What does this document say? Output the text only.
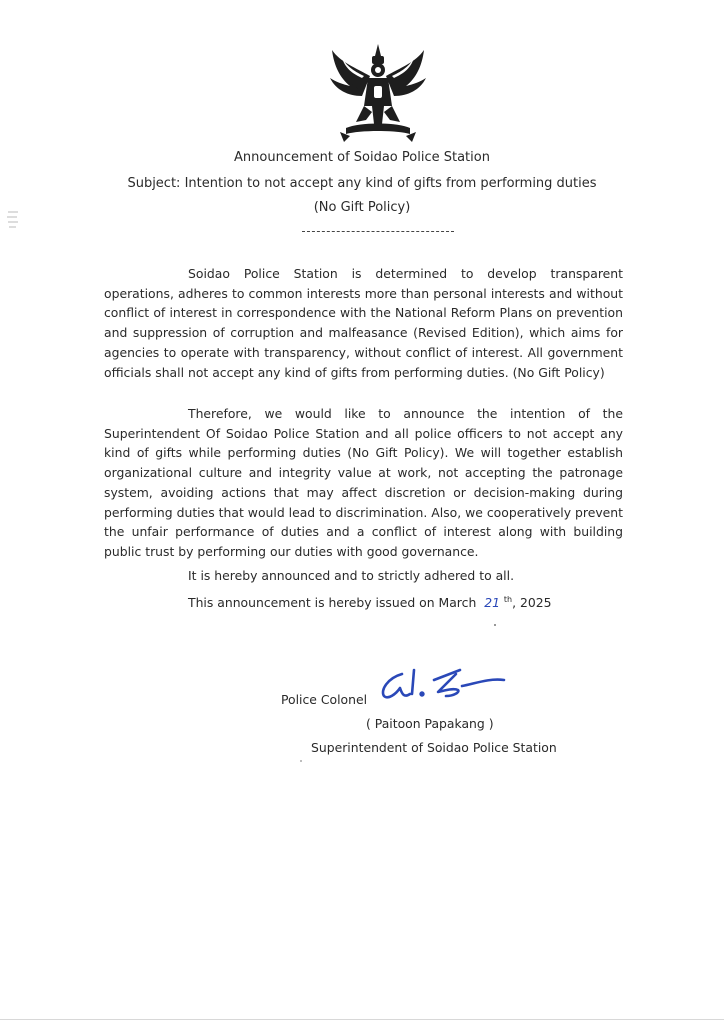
Announcement of Soidao Police Station
Subject: Intention to not accept any kind of gifts from performing duties
(No Gift Policy)

Soidao Police Station is determined to develop transparent operations, adheres to common interests more than personal interests and without conflict of interest in correspondence with the National Reform Plans on prevention and suppression of corruption and malfeasance (Revised Edition), which aims for agencies to operate with transparency, without conflict of interest. All government officials shall not accept any kind of gifts from performing duties. (No Gift Policy)

Therefore, we would like to announce the intention of the Superintendent Of Soidao Police Station and all police officers to not accept any kind of gifts while performing duties (No Gift Policy). We will together establish organizational culture and integrity value at work, not accepting the patronage system, avoiding actions that may affect discretion or decision-making during performing duties that would lead to discrimination. Also, we cooperatively prevent the unfair performance of duties and a conflict of interest along with building public trust by performing our duties with good governance.

It is hereby announced and to strictly adhered to all.
This announcement is hereby issued on March 21 $^{th}$, 2025
Police Colonel
( Paitoon Papakang )
Superintendent of Soidao Police Station
